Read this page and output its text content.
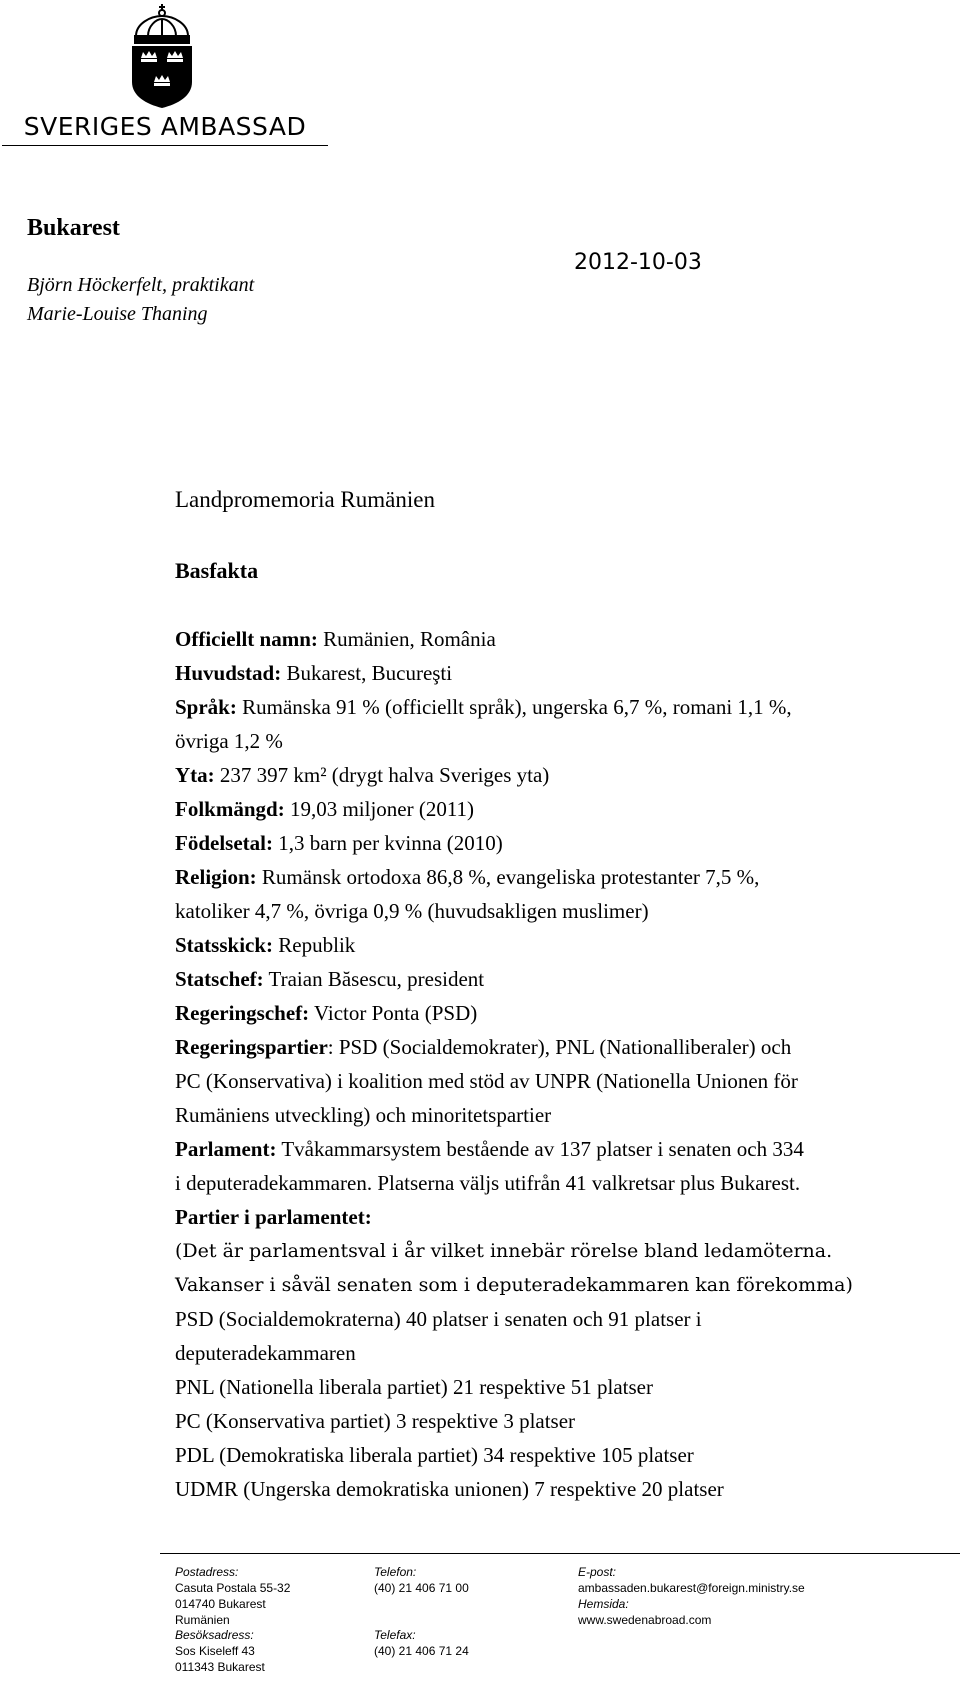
SVERIGES AMBASSAD
Bukarest
Björn Höckerfelt, praktikant
Marie-Louise Thaning
2012-10-03
Landpromemoria Rumänien
Basfakta
Officiellt namn: Rumänien, România
Huvudstad: Bukarest, Bucureşti
Språk: Rumänska 91 % (officiellt språk), ungerska 6,7 %, romani 1,1 %,
övriga 1,2 %
Yta: 237 397 km² (drygt halva Sveriges yta)
Folkmängd: 19,03 miljoner (2011)
Födelsetal: 1,3 barn per kvinna (2010)
Religion: Rumänsk ortodoxa 86,8 %, evangeliska protestanter 7,5 %,
katoliker 4,7 %, övriga 0,9 % (huvudsakligen muslimer)
Statsskick: Republik
Statschef: Traian Băsescu, president
Regeringschef: Victor Ponta (PSD)
Regeringspartier: PSD (Socialdemokrater), PNL (Nationalliberaler) och
PC (Konservativa) i koalition med stöd av UNPR (Nationella Unionen för
Rumäniens utveckling) och minoritetspartier
Parlament: Tvåkammarsystem bestående av 137 platser i senaten och 334
i deputeradekammaren. Platserna väljs utifrån 41 valkretsar plus Bukarest.
Partier i parlamentet:
(Det är parlamentsval i år vilket innebär rörelse bland ledamöterna.
Vakanser i såväl senaten som i deputeradekammaren kan förekomma)
PSD (Socialdemokraterna) 40 platser i senaten och 91 platser i
deputeradekammaren
PNL (Nationella liberala partiet) 21 respektive 51 platser
PC (Konservativa partiet) 3 respektive 3 platser
PDL (Demokratiska liberala partiet) 34 respektive 105 platser
UDMR (Ungerska demokratiska unionen) 7 respektive 20 platser
Postadress:
Casuta Postala 55-32
014740 Bukarest
Rumänien
Telefon:
(40) 21 406 71 00
E-post:
ambassaden.bukarest@foreign.ministry.se
Hemsida:
www.swedenabroad.com
Besöksadress:
Sos Kiseleff 43
011343 Bukarest
Telefax:
(40) 21 406 71 24
